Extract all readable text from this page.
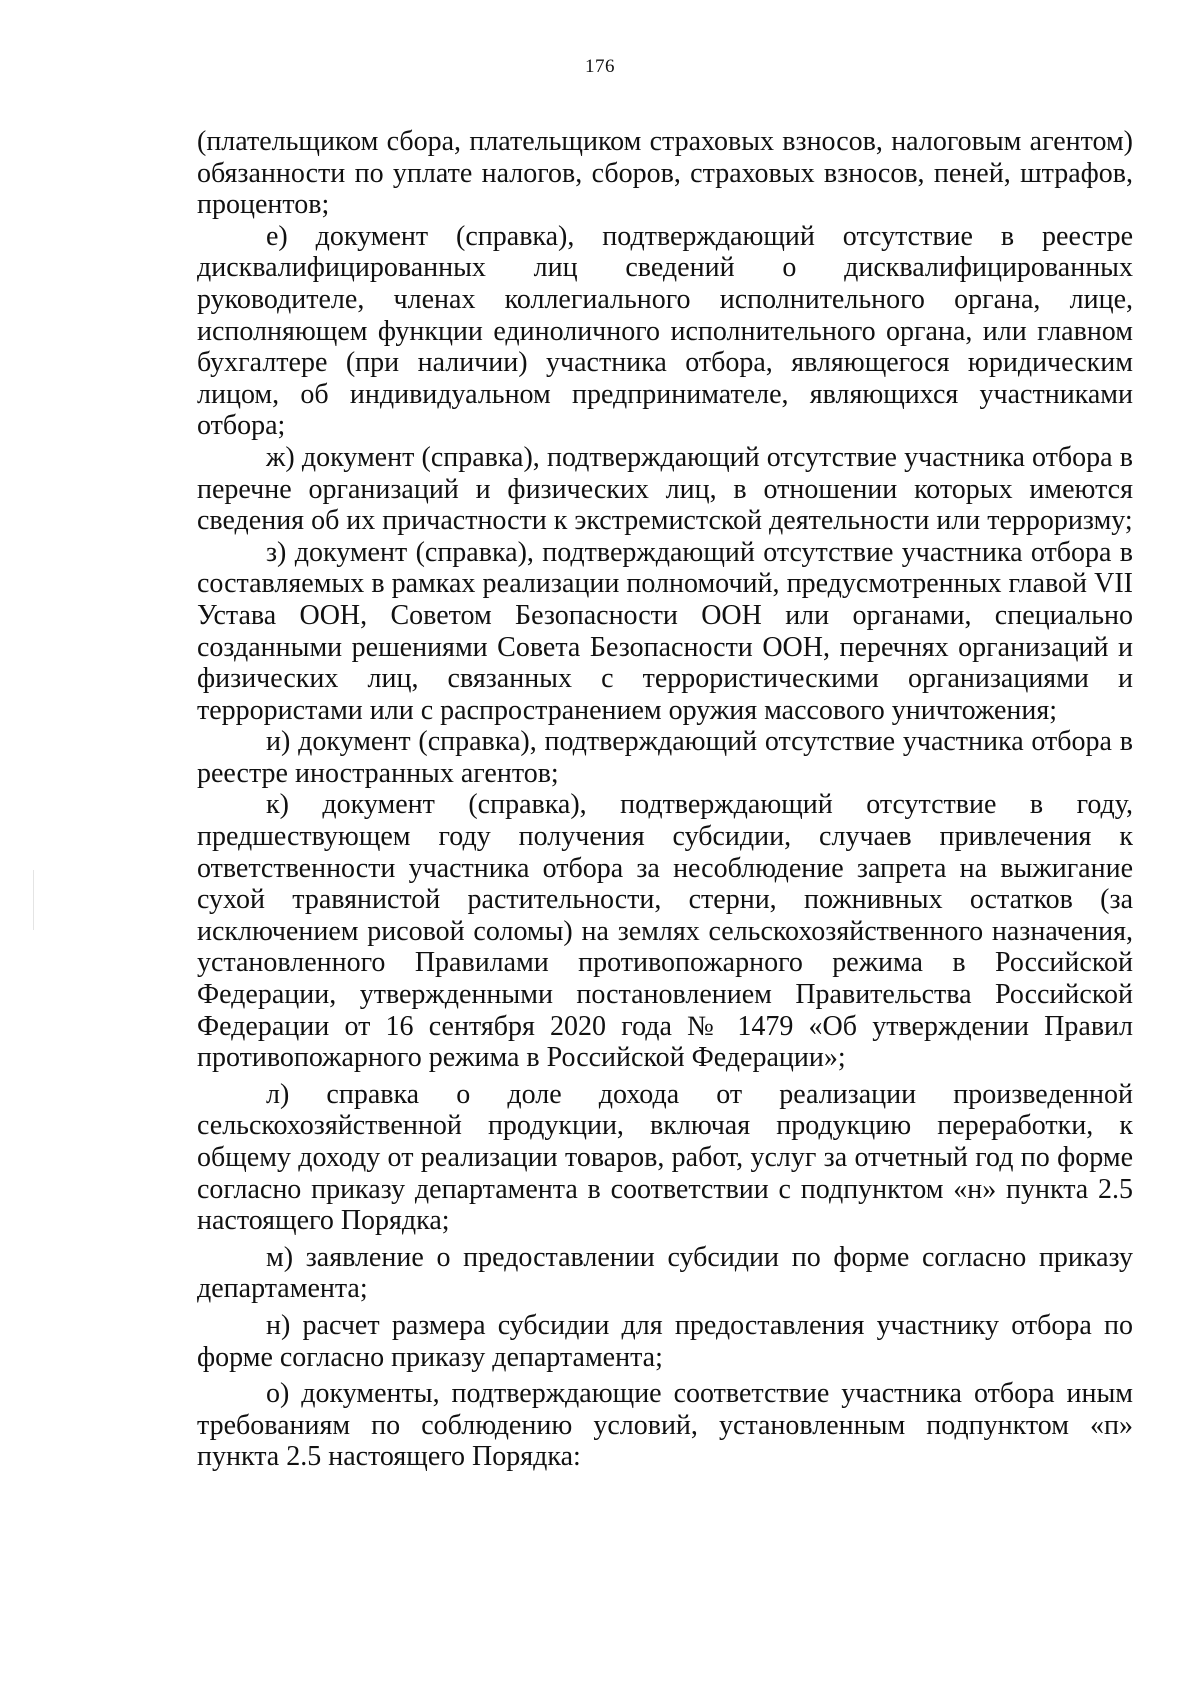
176

(плательщиком сбора, плательщиком страховых взносов, налоговым агентом) обязанности по уплате налогов, сборов, страховых взносов, пеней, штрафов, процентов;

е) документ (справка), подтверждающий отсутствие в реестре дисквалифицированных лиц сведений о дисквалифицированных руководителе, членах коллегиального исполнительного органа, лице, исполняющем функции единоличного исполнительного органа, или главном бухгалтере (при наличии) участника отбора, являющегося юридическим лицом, об индивидуальном предпринимателе, являющихся участниками отбора;

ж) документ (справка), подтверждающий отсутствие участника отбора в перечне организаций и физических лиц, в отношении которых имеются сведения об их причастности к экстремистской деятельности или терроризму;

з) документ (справка), подтверждающий отсутствие участника отбора в составляемых в рамках реализации полномочий, предусмотренных главой VII Устава ООН, Советом Безопасности ООН или органами, специально созданными решениями Совета Безопасности ООН, перечнях организаций и физических лиц, связанных с террористическими организациями и террористами или с распространением оружия массового уничтожения;

и) документ (справка), подтверждающий отсутствие участника отбора в реестре иностранных агентов;

к) документ (справка), подтверждающий отсутствие в году, предшествующем году получения субсидии, случаев привлечения к ответственности участника отбора за несоблюдение запрета на выжигание сухой травянистой растительности, стерни, пожнивных остатков (за исключением рисовой соломы) на землях сельскохозяйственного назначения, установленного Правилами противопожарного режима в Российской Федерации, утвержденными постановлением Правительства Российской Федерации от 16 сентября 2020 года № 1479 «Об утверждении Правил противопожарного режима в Российской Федерации»;

л) справка о доле дохода от реализации произведенной сельскохозяйственной продукции, включая продукцию переработки, к общему доходу от реализации товаров, работ, услуг за отчетный год по форме согласно приказу департамента в соответствии с подпунктом «н» пункта 2.5 настоящего Порядка;

м) заявление о предоставлении субсидии по форме согласно приказу департамента;

н) расчет размера субсидии для предоставления участнику отбора по форме согласно приказу департамента;

о) документы, подтверждающие соответствие участника отбора иным требованиям по соблюдению условий, установленным подпунктом «п» пункта 2.5 настоящего Порядка:
